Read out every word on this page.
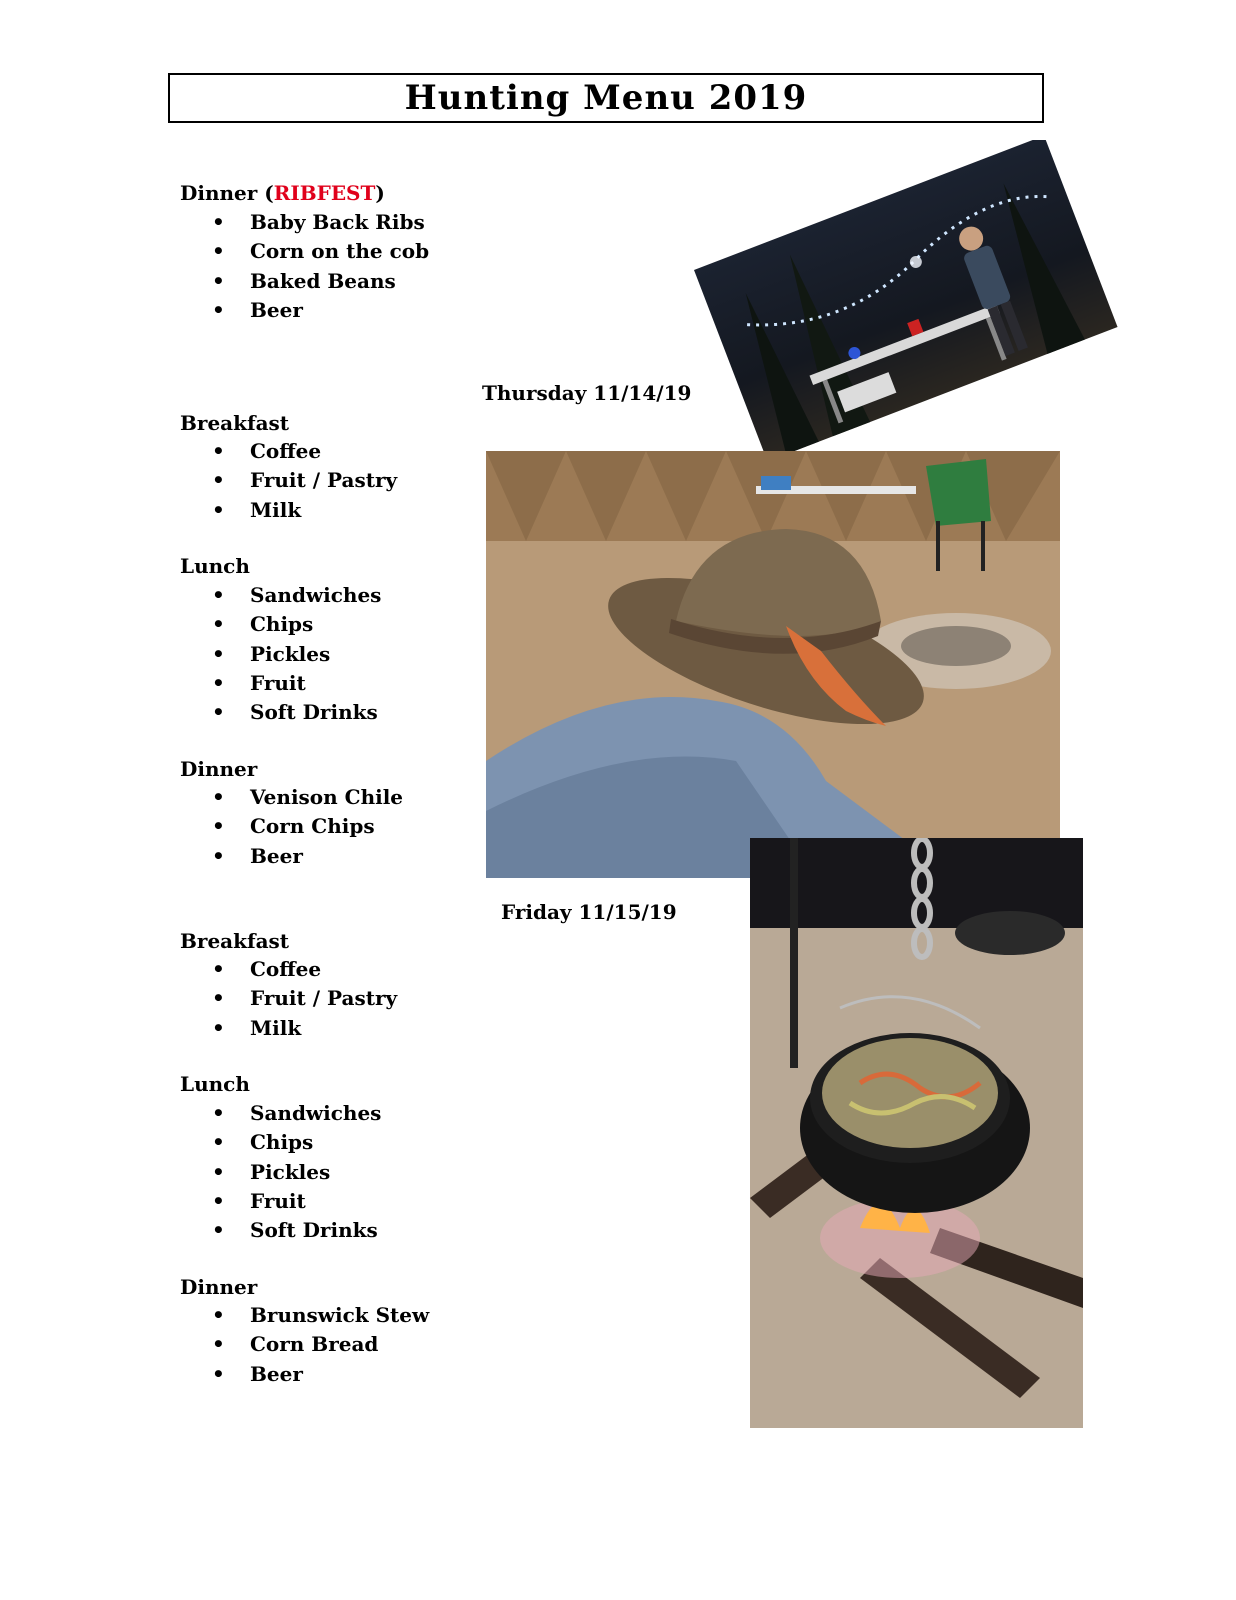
Hunting Menu 2019

Dinner (RIBFEST)

• Baby Back Ribs
• Corn on the cob
• Baked Beans
• Beer

Thursday 11/14/19

Breakfast

• Coffee
• Fruit / Pastry
• Milk

Lunch

• Sandwiches
• Chips
• Pickles
• Fruit
• Soft Drinks

Dinner

• Venison Chile
• Corn Chips
• Beer

Friday 11/15/19

Breakfast

• Coffee
• Fruit / Pastry
• Milk

Lunch

• Sandwiches
• Chips
• Pickles
• Fruit
• Soft Drinks

Dinner

• Brunswick Stew
• Corn Bread
• Beer
